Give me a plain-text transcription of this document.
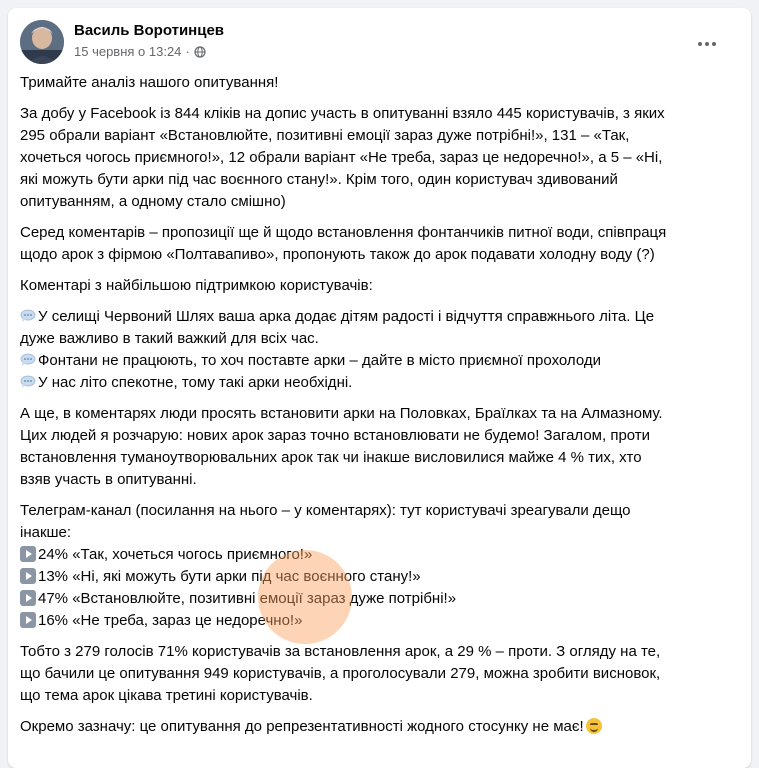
Василь Воротинцев
15 червня о 13:24 ·

Тримайте аналіз нашого опитування!

За добу у Facebook із 844 кліків на допис участь в опитуванні взяло 445 користувачів, з яких
295 обрали варіант «Встановлюйте, позитивні емоції зараз дуже потрібні!», 131 – «Так,
хочеться чогось приємного!», 12 обрали варіант «Не треба, зараз це недоречно!», а 5 – «Ні,
які можуть бути арки під час воєнного стану!». Крім того, один користувач здивований
опитуванням, а одному стало смішно)

Серед коментарів – пропозиції ще й щодо встановлення фонтанчиків питної води, співпраця
щодо арок з фірмою «Полтавапиво», пропонують також до арок подавати холодну воду (?)

Коментарі з найбільшою підтримкою користувачів:

У селищі Червоний Шлях ваша арка додає дітям радості і відчуття справжнього літа. Це
дуже важливо в такий важкий для всіх час.
Фонтани не працюють, то хоч поставте арки – дайте в місто приємної прохолоди
У нас літо спекотне, тому такі арки необхідні.

А ще, в коментарях люди просять встановити арки на Половках, Браїлках та на Алмазному.
Цих людей я розчарую: нових арок зараз точно встановлювати не будемо! Загалом, проти
встановлення туманоутворювальних арок так чи інакше висловилися майже 4 % тих, хто
взяв участь в опитуванні.

Телеграм-канал (посилання на нього – у коментарях): тут користувачі зреагували дещо
інакше:
24% «Так, хочеться чогось приємного!»
13% «Ні, які можуть бути арки під час воєнного стану!»
47% «Встановлюйте, позитивні емоції зараз дуже потрібні!»
16% «Не треба, зараз це недоречно!»

Тобто з 279 голосів 71% користувачів за встановлення арок, а 29 % – проти. З огляду на те,
що бачили це опитування 949 користувачів, а проголосували 279, можна зробити висновок,
що тема арок цікава третині користувачів.

Окремо зазначу: це опитування до репрезентативності жодного стосунку не має!
